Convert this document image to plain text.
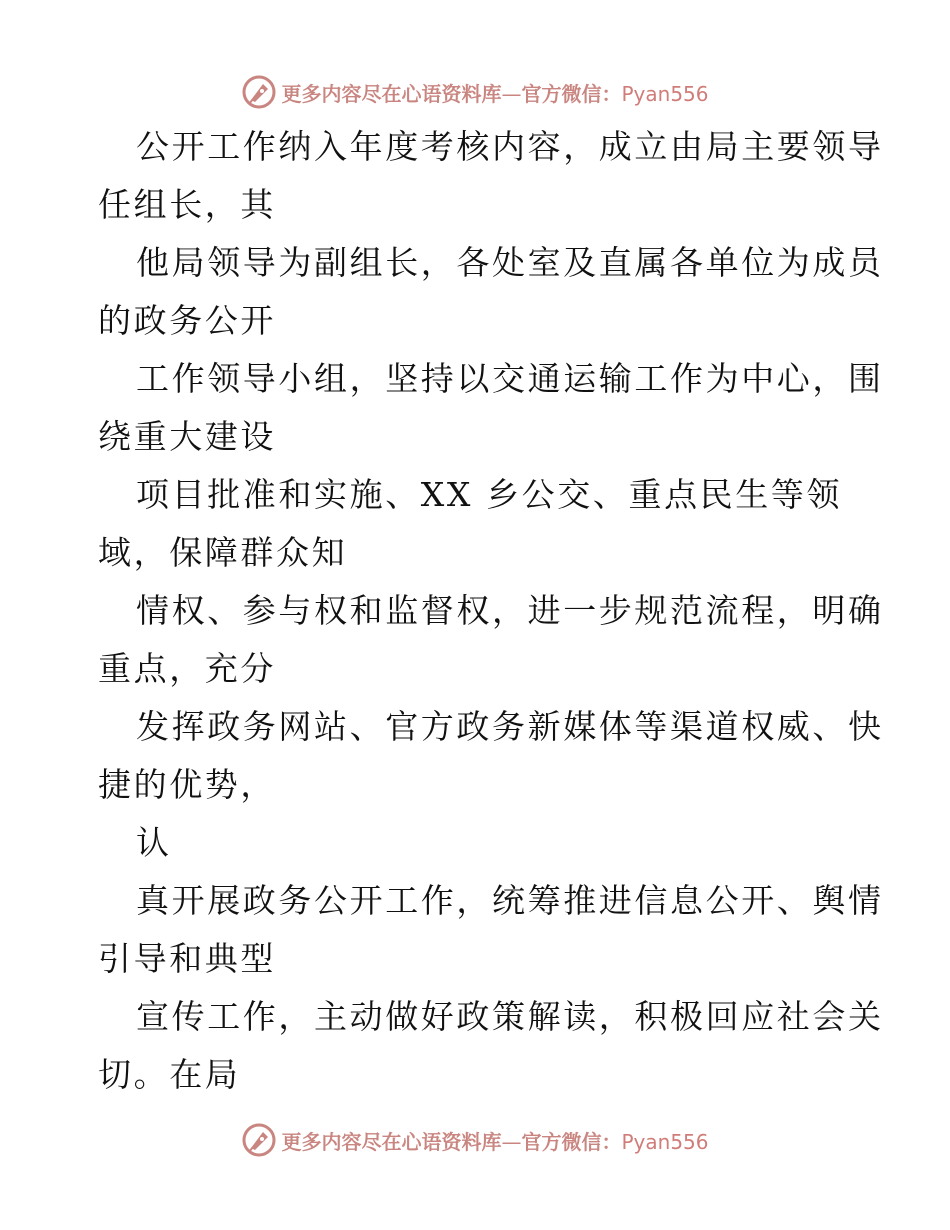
更多内容尽在心语资料库—官方微信：Pyan556
公开工作纳入年度考核内容，成立由局主要领导
任组长，其
他局领导为副组长，各处室及直属各单位为成员
的政务公开
工作领导小组，坚持以交通运输工作为中心，围
绕重大建设
项目批准和实施、XX 乡公交、重点民生等领
域，保障群众知
情权、参与权和监督权，进一步规范流程，明确
重点，充分
发挥政务网站、官方政务新媒体等渠道权威、快
捷的优势，
认
真开展政务公开工作，统筹推进信息公开、舆情
引导和典型
宣传工作，主动做好政策解读，积极回应社会关
切。在局
更多内容尽在心语资料库—官方微信：Pyan556
